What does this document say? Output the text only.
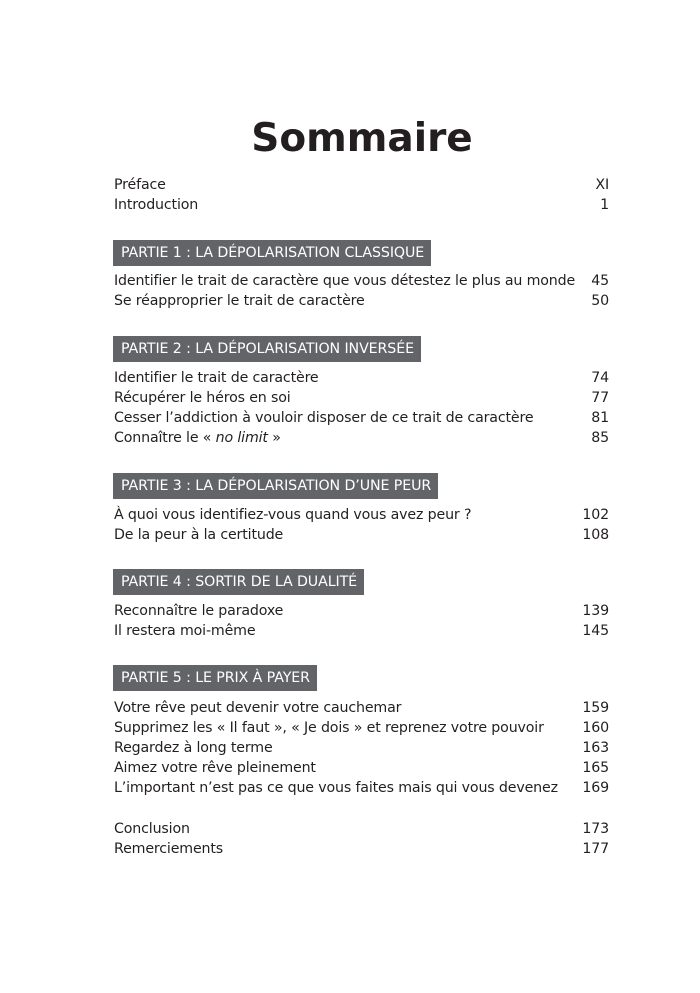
Sommaire
Préface	XI
Introduction	1
PARTIE 1 : LA DÉPOLARISATION CLASSIQUE
Identifier le trait de caractère que vous détestez le plus au monde 45
Se réapproprier le trait de caractère	50
PARTIE 2 : LA DÉPOLARISATION INVERSÉE
Identifier le trait de caractère	74
Récupérer le héros en soi	77
Cesser l’addiction à vouloir disposer de ce trait de caractère	81
Connaître le « no limit »	85
PARTIE 3 : LA DÉPOLARISATION D’UNE PEUR
À quoi vous identifiez-vous quand vous avez peur ?	102
De la peur à la certitude	108
PARTIE 4 : SORTIR DE LA DUALITÉ
Reconnaître le paradoxe	139
Il restera moi-même	145
PARTIE 5 : LE PRIX À PAYER
Votre rêve peut devenir votre cauchemar	159
Supprimez les « Il faut », « Je dois » et reprenez votre pouvoir	160
Regardez à long terme	163
Aimez votre rêve pleinement	165
L’important n’est pas ce que vous faites mais qui vous devenez 169
Conclusion	173
Remerciements	177
